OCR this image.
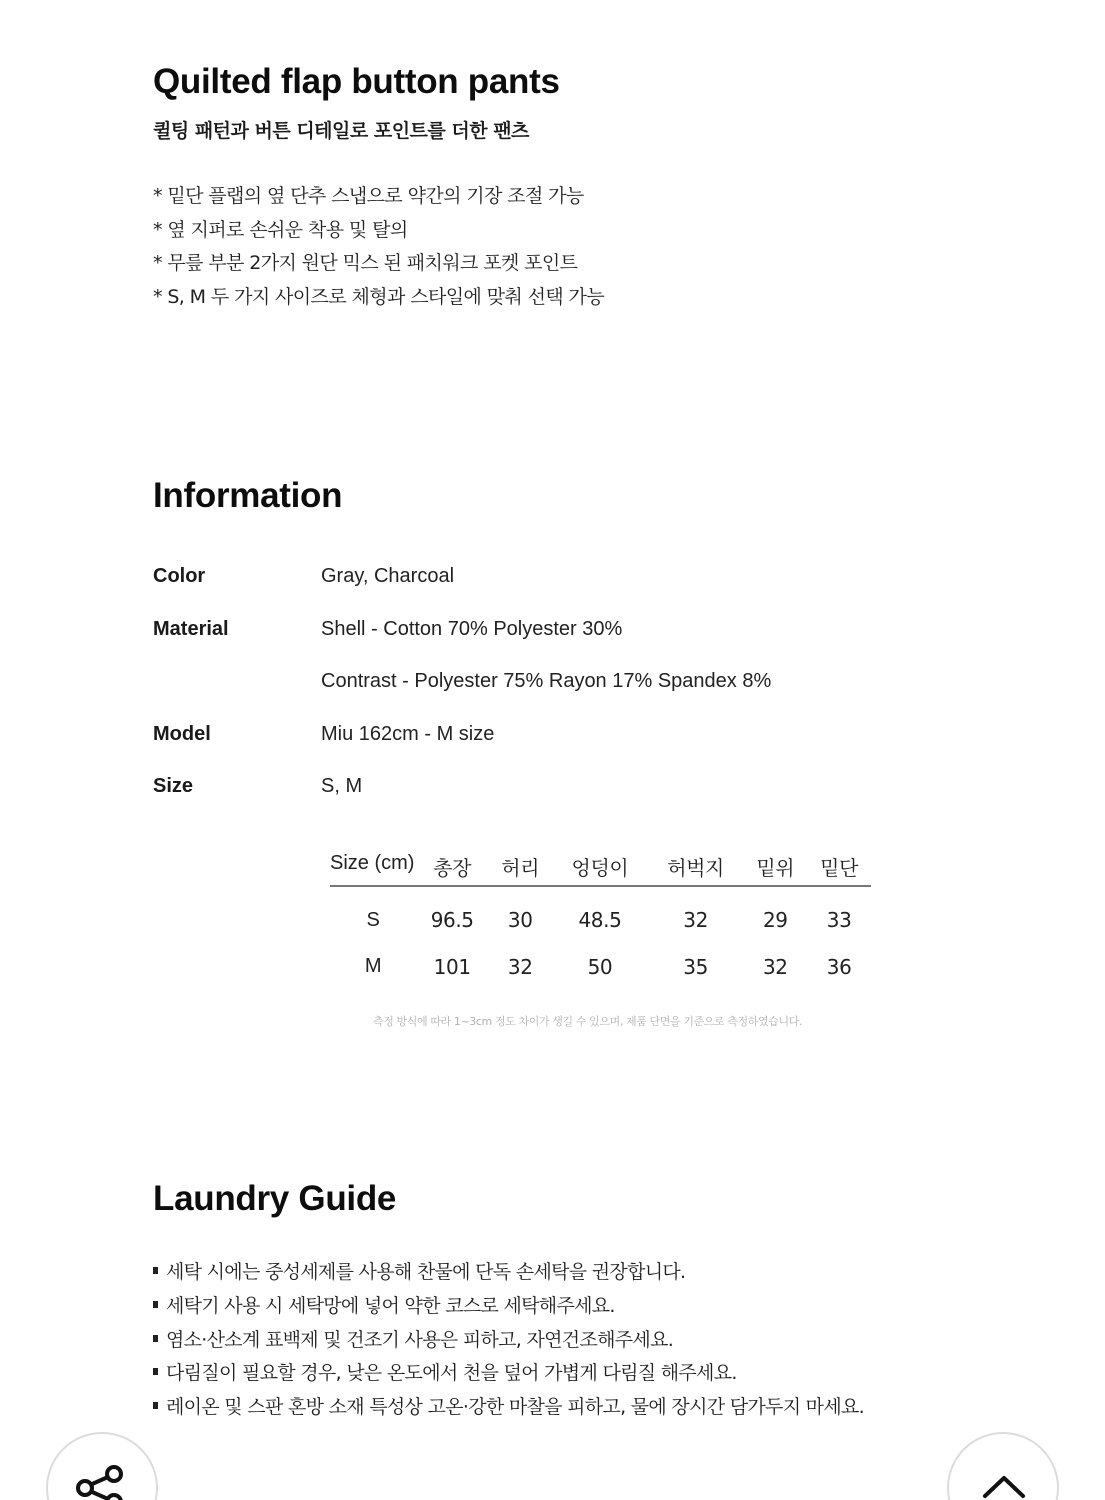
Quilted flap button pants
퀼팅 패턴과 버튼 디테일로 포인트를 더한 팬츠
* 밑단 플랩의 옆 단추 스냅으로 약간의 기장 조절 가능
* 옆 지퍼로 손쉬운 착용 및 탈의
* 무릎 부분 2가지 원단 믹스 된 패치워크 포켓 포인트
* S, M 두 가지 사이즈로 체형과 스타일에 맞춰 선택 가능
Information
Color	Gray, Charcoal
Material	Shell - Cotton 70% Polyester 30%
Contrast - Polyester 75% Rayon 17% Spandex 8%
Model	Miu 162cm - M size
Size	S, M
Size (cm)	총장	허리	엉덩이	허벅지	밑위	밑단
S	96.5	30	48.5	32	29	33
M	101	32	50	35	32	36
측정 방식에 따라 1~3cm 정도 차이가 생길 수 있으며, 제품 단면을 기준으로 측정하였습니다.
Laundry Guide
세탁 시에는 중성세제를 사용해 찬물에 단독 손세탁을 권장합니다.
세탁기 사용 시 세탁망에 넣어 약한 코스로 세탁해주세요.
염소·산소계 표백제 및 건조기 사용은 피하고, 자연건조해주세요.
다림질이 필요할 경우, 낮은 온도에서 천을 덮어 가볍게 다림질 해주세요.
레이온 및 스판 혼방 소재 특성상 고온·강한 마찰을 피하고, 물에 장시간 담가두지 마세요.
